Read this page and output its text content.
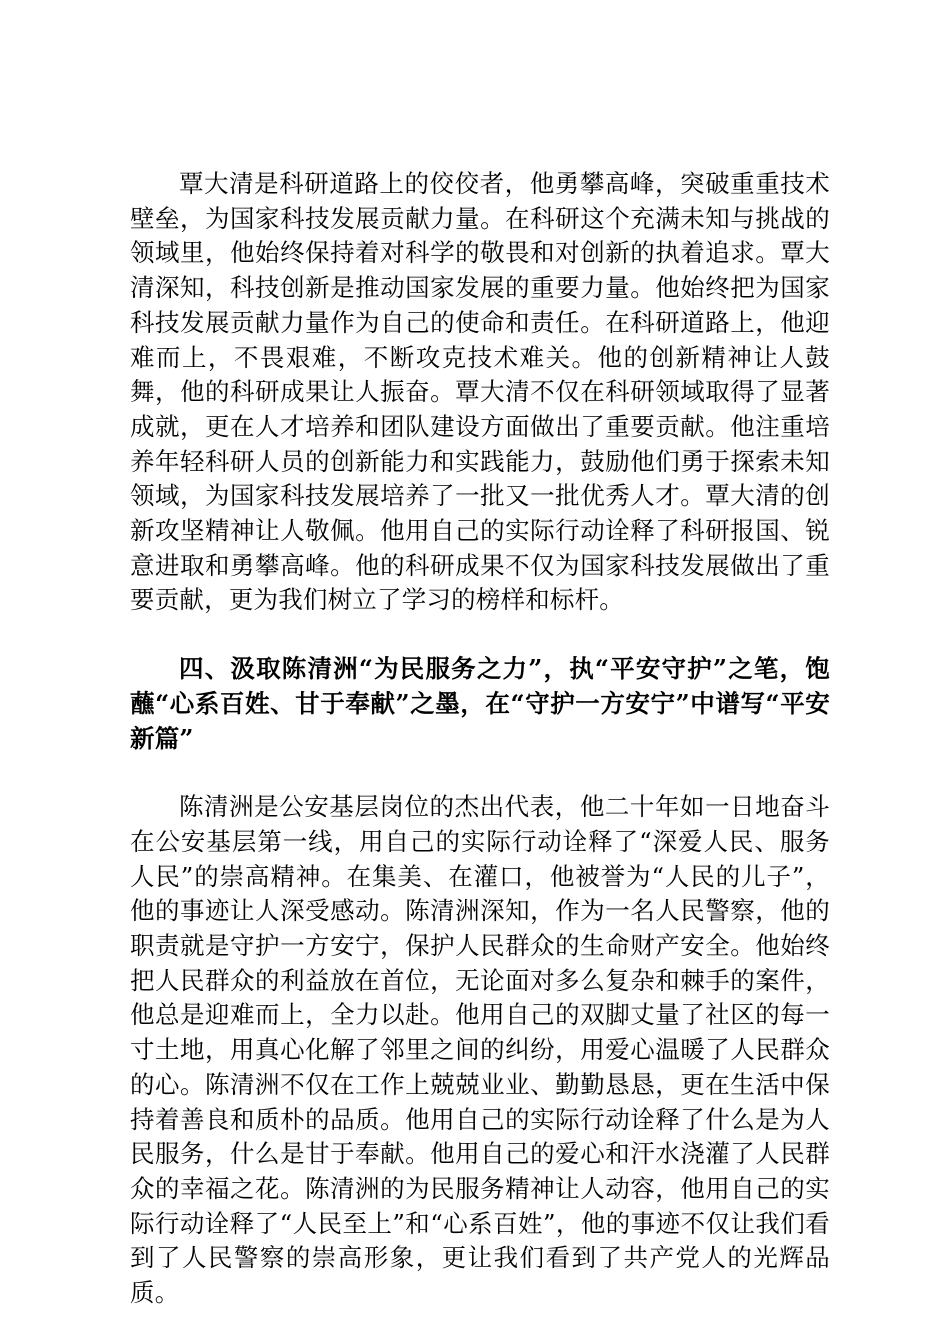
覃大清是科研道路上的佼佼者，他勇攀高峰，突破重重技术壁垒，为国家科技发展贡献力量。在科研这个充满未知与挑战的领域里，他始终保持着对科学的敬畏和对创新的执着追求。覃大清深知，科技创新是推动国家发展的重要力量。他始终把为国家科技发展贡献力量作为自己的使命和责任。在科研道路上，他迎难而上，不畏艰难，不断攻克技术难关。他的创新精神让人鼓舞，他的科研成果让人振奋。覃大清不仅在科研领域取得了显著成就，更在人才培养和团队建设方面做出了重要贡献。他注重培养年轻科研人员的创新能力和实践能力，鼓励他们勇于探索未知领域，为国家科技发展培养了一批又一批优秀人才。覃大清的创新攻坚精神让人敬佩。他用自己的实际行动诠释了科研报国、锐意进取和勇攀高峰。他的科研成果不仅为国家科技发展做出了重要贡献，更为我们树立了学习的榜样和标杆。

四、汲取陈清洲“为民服务之力”，执“平安守护”之笔，饱蘸“心系百姓、甘于奉献”之墨，在“守护一方安宁”中谱写“平安新篇”

陈清洲是公安基层岗位的杰出代表，他二十年如一日地奋斗在公安基层第一线，用自己的实际行动诠释了“深爱人民、服务人民”的崇高精神。在集美、在灌口，他被誉为“人民的儿子”，他的事迹让人深受感动。陈清洲深知，作为一名人民警察，他的职责就是守护一方安宁，保护人民群众的生命财产安全。他始终把人民群众的利益放在首位，无论面对多么复杂和棘手的案件，他总是迎难而上，全力以赴。他用自己的双脚丈量了社区的每一寸土地，用真心化解了邻里之间的纠纷，用爱心温暖了人民群众的心。陈清洲不仅在工作上兢兢业业、勤勤恳恳，更在生活中保持着善良和质朴的品质。他用自己的实际行动诠释了什么是为人民服务，什么是甘于奉献。他用自己的爱心和汗水浇灌了人民群众的幸福之花。陈清洲的为民服务精神让人动容，他用自己的实际行动诠释了“人民至上”和“心系百姓”，他的事迹不仅让我们看到了人民警察的崇高形象，更让我们看到了共产党人的光辉品质。
